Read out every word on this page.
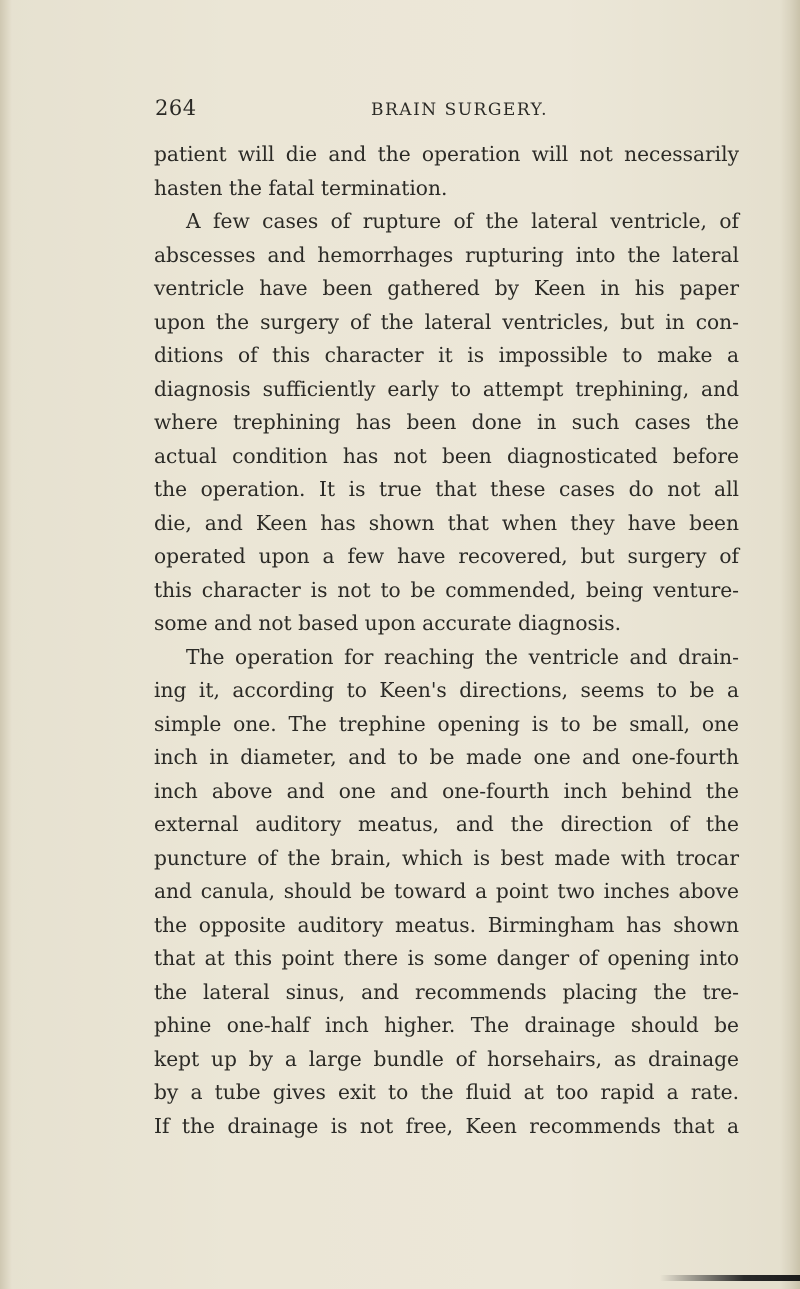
264	BRAIN SURGERY.
patient will die and the operation will not necessarily
hasten the fatal termination.
A few cases of rupture of the lateral ventricle, of
abscesses and hemorrhages rupturing into the lateral
ventricle have been gathered by Keen in his paper
upon the surgery of the lateral ventricles, but in con-
ditions of this character it is impossible to make a
diagnosis sufficiently early to attempt trephining, and
where trephining has been done in such cases the
actual condition has not been diagnosticated before
the operation. It is true that these cases do not all
die, and Keen has shown that when they have been
operated upon a few have recovered, but surgery of
this character is not to be commended, being venture-
some and not based upon accurate diagnosis.
The operation for reaching the ventricle and drain-
ing it, according to Keen's directions, seems to be a
simple one. The trephine opening is to be small, one
inch in diameter, and to be made one and one-fourth
inch above and one and one-fourth inch behind the
external auditory meatus, and the direction of the
puncture of the brain, which is best made with trocar
and canula, should be toward a point two inches above
the opposite auditory meatus. Birmingham has shown
that at this point there is some danger of opening into
the lateral sinus, and recommends placing the tre-
phine one-half inch higher. The drainage should be
kept up by a large bundle of horsehairs, as drainage
by a tube gives exit to the fluid at too rapid a rate.
If the drainage is not free, Keen recommends that a
